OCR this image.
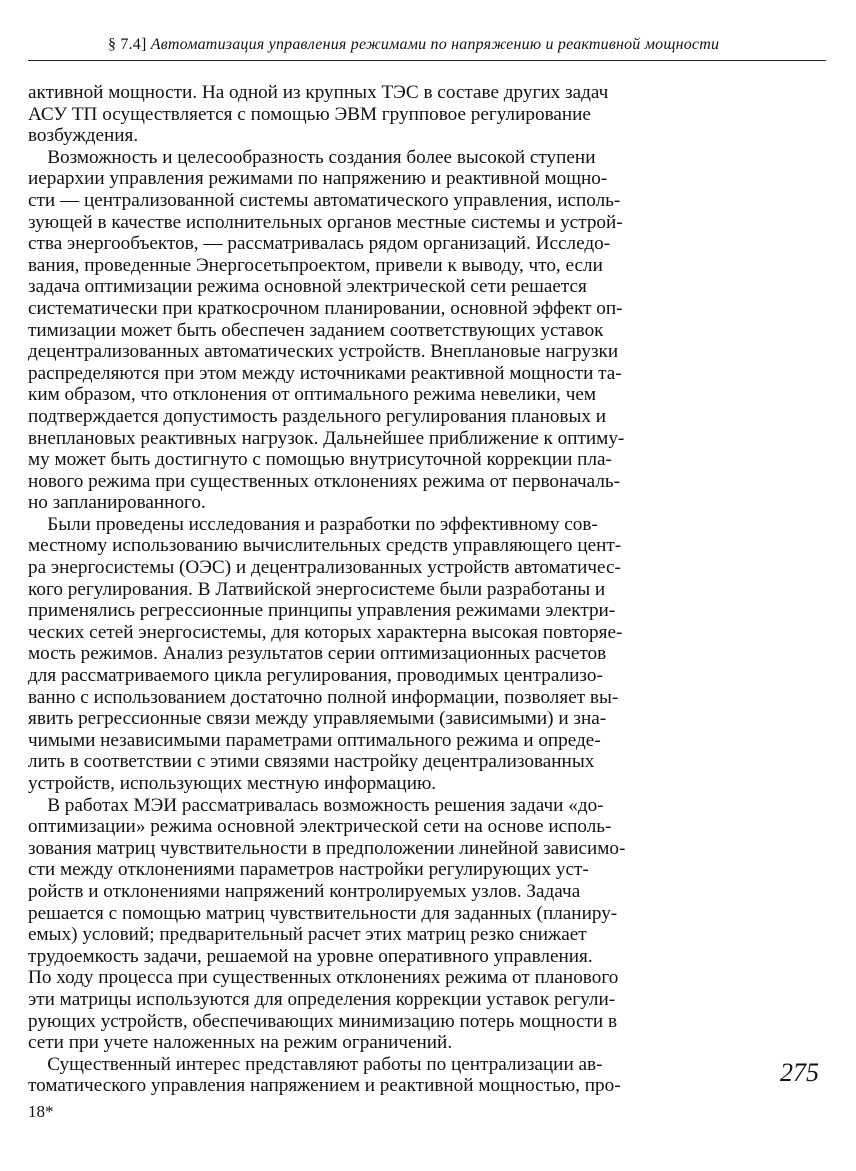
§ 7.4] Автоматизация управления режимами по напряжению и реактивной мощности
активной мощности. На одной из крупных ТЭС в составе других задач
АСУ ТП осуществляется с помощью ЭВМ групповое регулирование
возбуждения.
Возможность и целесообразность создания более высокой ступени
иерархии управления режимами по напряжению и реактивной мощно-
сти — централизованной системы автоматического управления, исполь-
зующей в качестве исполнительных органов местные системы и устрой-
ства энергообъектов, — рассматривалась рядом организаций. Исследо-
вания, проведенные Энергосетьпроектом, привели к выводу, что, если
задача оптимизации режима основной электрической сети решается
систематически при краткосрочном планировании, основной эффект оп-
тимизации может быть обеспечен заданием соответствующих уставок
децентрализованных автоматических устройств. Внеплановые нагрузки
распределяются при этом между источниками реактивной мощности та-
ким образом, что отклонения от оптимального режима невелики, чем
подтверждается допустимость раздельного регулирования плановых и
внеплановых реактивных нагрузок. Дальнейшее приближение к оптиму-
му может быть достигнуто с помощью внутрисуточной коррекции пла-
нового режима при существенных отклонениях режима от первоначаль-
но запланированного.
Были проведены исследования и разработки по эффективному сов-
местному использованию вычислительных средств управляющего цент-
ра энергосистемы (ОЭС) и децентрализованных устройств автоматичес-
кого регулирования. В Латвийской энергосистеме были разработаны и
применялись регрессионные принципы управления режимами электри-
ческих сетей энергосистемы, для которых характерна высокая повторяе-
мость режимов. Анализ результатов серии оптимизационных расчетов
для рассматриваемого цикла регулирования, проводимых централизо-
ванно с использованием достаточно полной информации, позволяет вы-
явить регрессионные связи между управляемыми (зависимыми) и зна-
чимыми независимыми параметрами оптимального режима и опреде-
лить в соответствии с этими связями настройку децентрализованных
устройств, использующих местную информацию.
В работах МЭИ рассматривалась возможность решения задачи «до-
оптимизации» режима основной электрической сети на основе исполь-
зования матриц чувствительности в предположении линейной зависимо-
сти между отклонениями параметров настройки регулирующих уст-
ройств и отклонениями напряжений контролируемых узлов. Задача
решается с помощью матриц чувствительности для заданных (планиру-
емых) условий; предварительный расчет этих матриц резко снижает
трудоемкость задачи, решаемой на уровне оперативного управления.
По ходу процесса при существенных отклонениях режима от планового
эти матрицы используются для определения коррекции уставок регули-
рующих устройств, обеспечивающих минимизацию потерь мощности в
сети при учете наложенных на режим ограничений.
Существенный интерес представляют работы по централизации ав-
томатического управления напряжением и реактивной мощностью, про-	275
18*
